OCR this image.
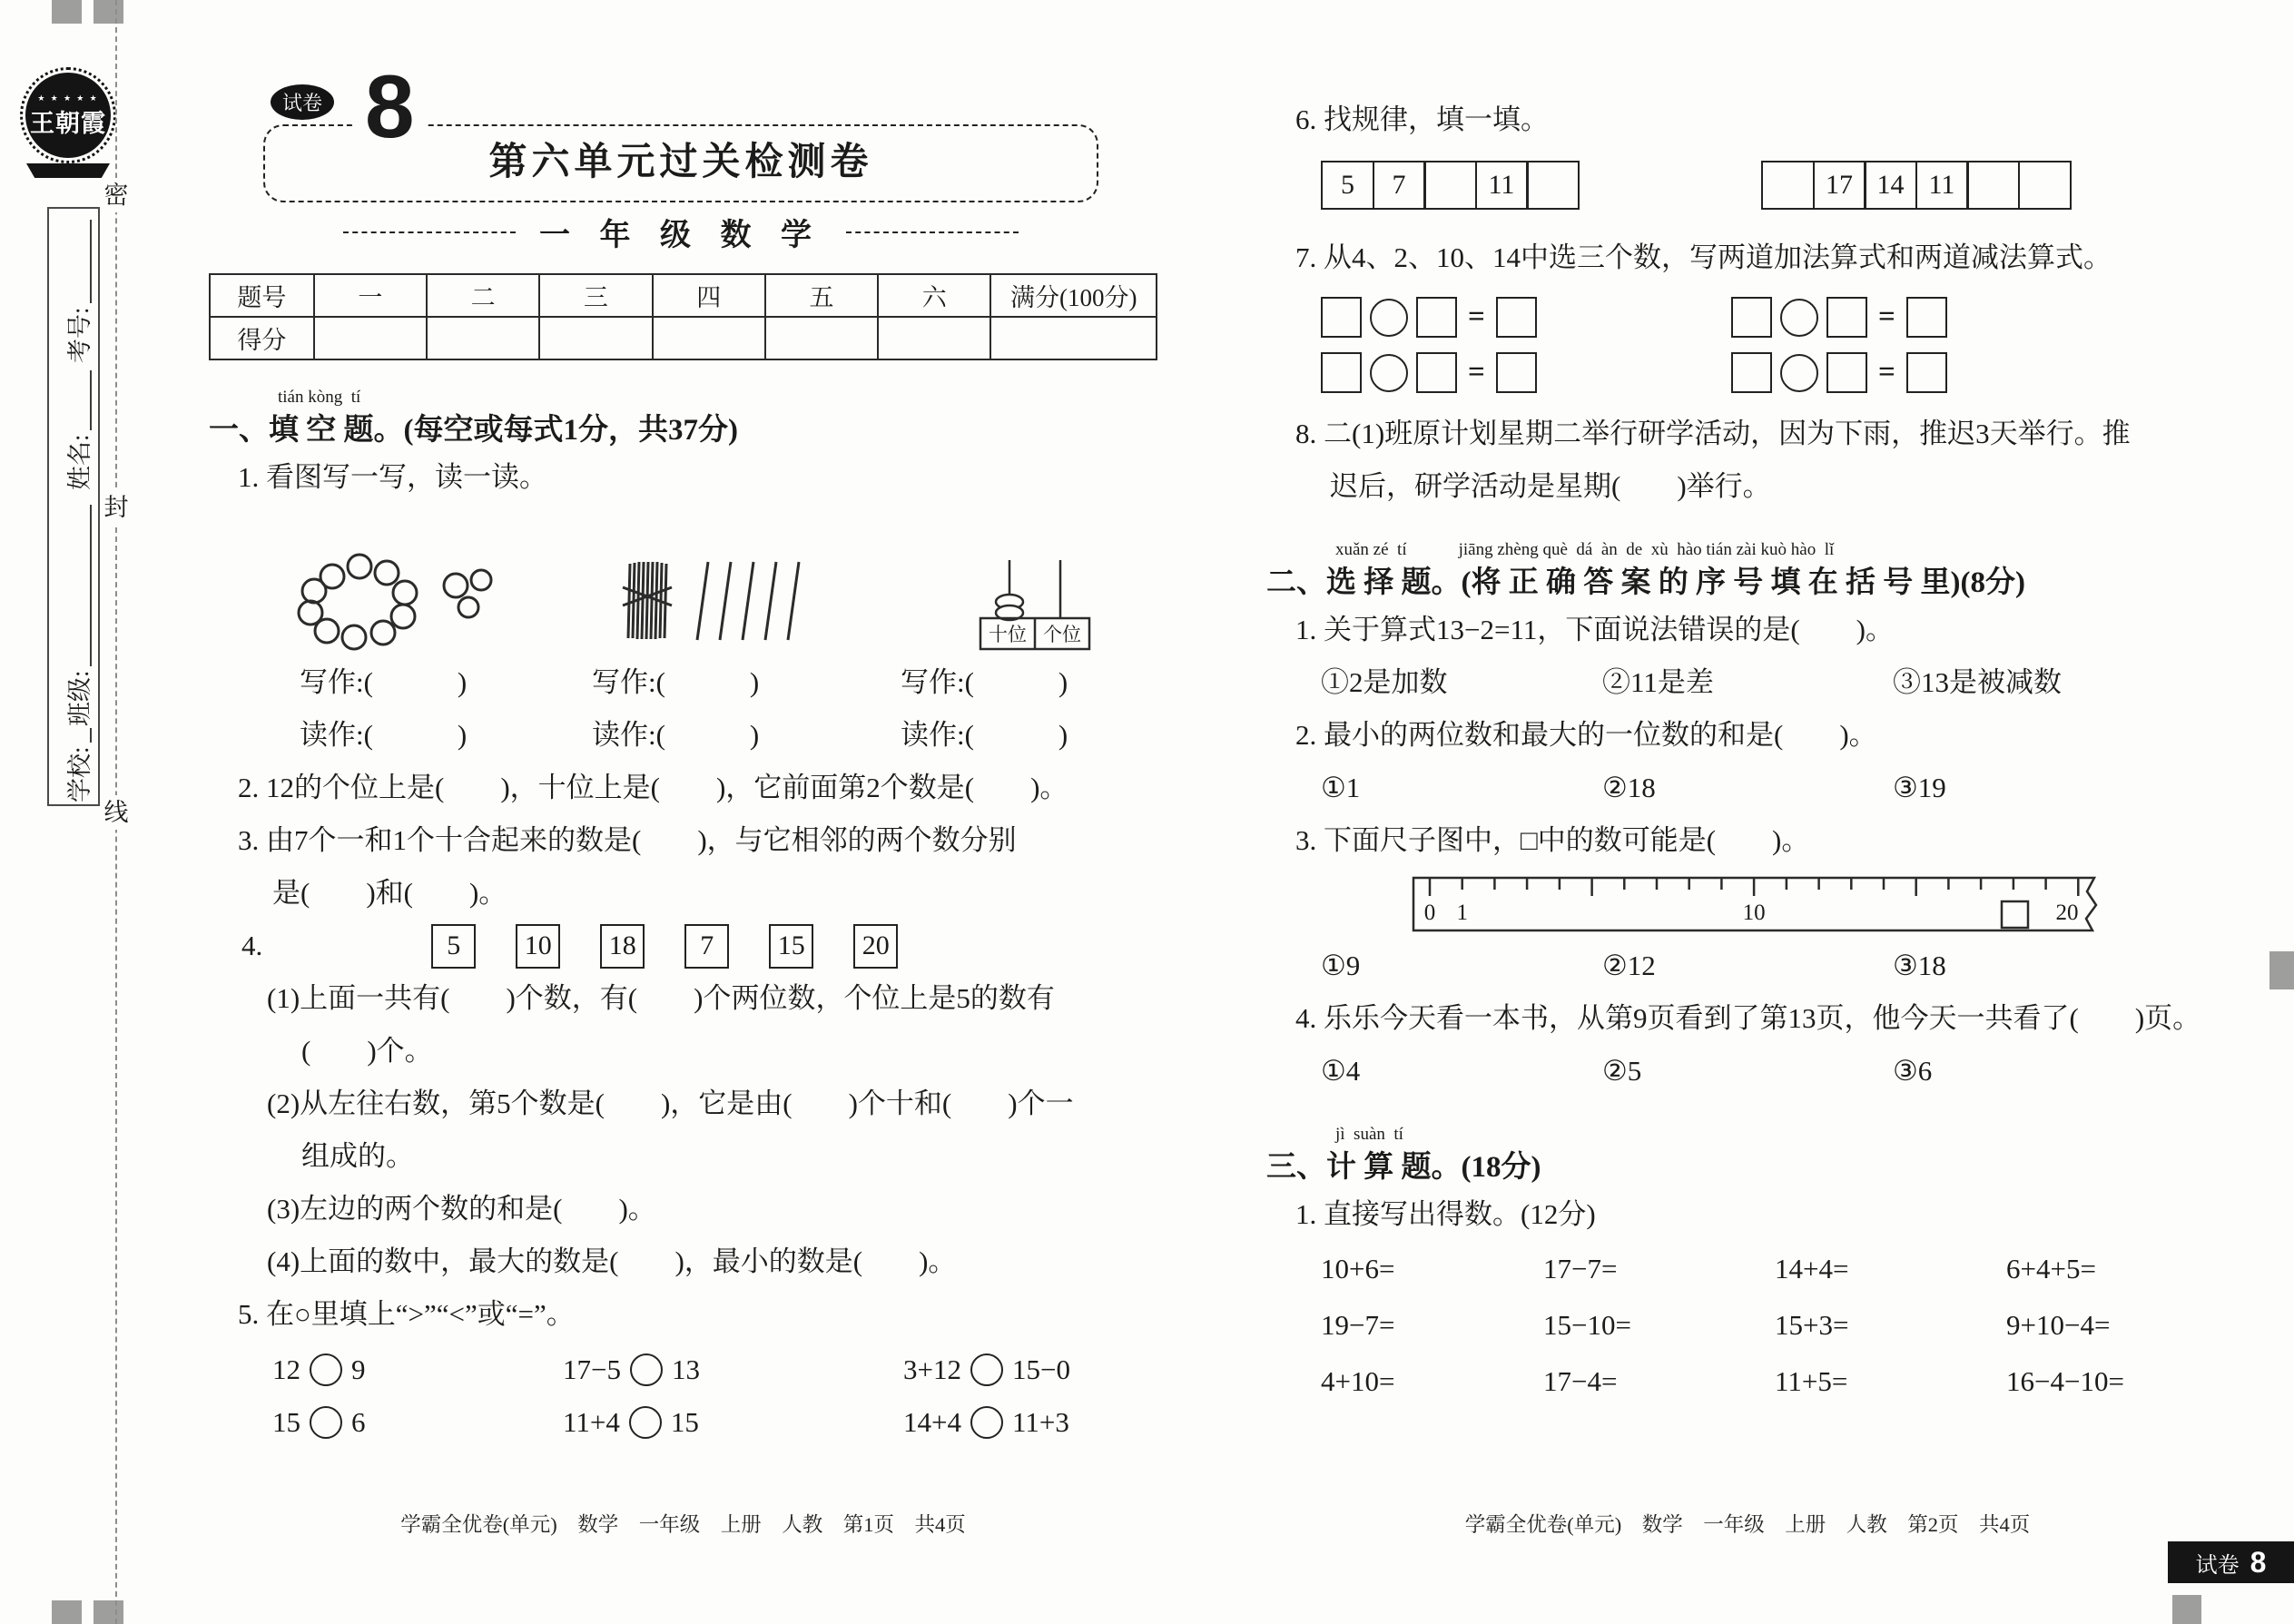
★ ★ ★ ★ ★
王朝霞
考号:
姓名:
班级:
学校:
密
封
线
试卷 8
第六单元过关检测卷
一 年 级 数 学
题号	一	二	三	四	五	六	满分(100分)
得分							
tián kòng  tí
一、填 空 题。(每空或每式1分，共37分)
1. 看图写一写，读一读。
十位 个位
写作:(　　　)	写作:(　　　)	写作:(　　　)
读作:(　　　)	读作:(　　　)	读作:(　　　)
2. 12的个位上是(　　)，十位上是(　　)，它前面第2个数是(　　)。
3. 由7个一和1个十合起来的数是(　　)，与它相邻的两个数分别
是(　　)和(　　)。
4.	5	10	18	7	15	20
(1)上面一共有(　　)个数，有(　　)个两位数，个位上是5的数有
(　　)个。
(2)从左往右数，第5个数是(　　)，它是由(　　)个十和(　　)个一
组成的。
(3)左边的两个数的和是(　　)。
(4)上面的数中，最大的数是(　　)，最小的数是(　　)。
5. 在○里填上“>”“<”或“=”。
12 9	17−5 13	3+12 15−0
15 6	11+4 15	14+4 11+3
6. 找规律，填一填。
5	7	11	17 14 11
7. 从4、2、10、14中选三个数，写两道加法算式和两道减法算式。
=	=
=	=
8. 二(1)班原计划星期二举行研学活动，因为下雨，推迟3天举行。推
迟后，研学活动是星期(　　)举行。
xuǎn zé  tí　　　jiāng zhèng què  dá  àn  de  xù  hào tián zài kuò hào  lǐ
二、选 择 题。(将 正 确 答 案 的 序 号 填 在 括 号 里)(8分)
1. 关于算式13−2=11，下面说法错误的是(　　)。
①2是加数	②11是差	③13是被减数
2. 最小的两位数和最大的一位数的和是(　　)。
①1	②18	③19
3. 下面尺子图中，□中的数可能是(　　)。
0 1	10	20
①9	②12	③18
4. 乐乐今天看一本书，从第9页看到了第13页，他今天一共看了(　　)页。
①4	②5	③6
jì  suàn  tí
三、计 算 题。(18分)
1. 直接写出得数。(12分)
10+6=	17−7=	14+4=	6+4+5=
19−7=	15−10=	15+3=	9+10−4=
4+10=	17−4=	11+5=	16−4−10=
学霸全优卷(单元)　数学　一年级　上册　人教　第1页　共4页	学霸全优卷(单元)　数学　一年级　上册　人教　第2页　共4页
试卷 8
